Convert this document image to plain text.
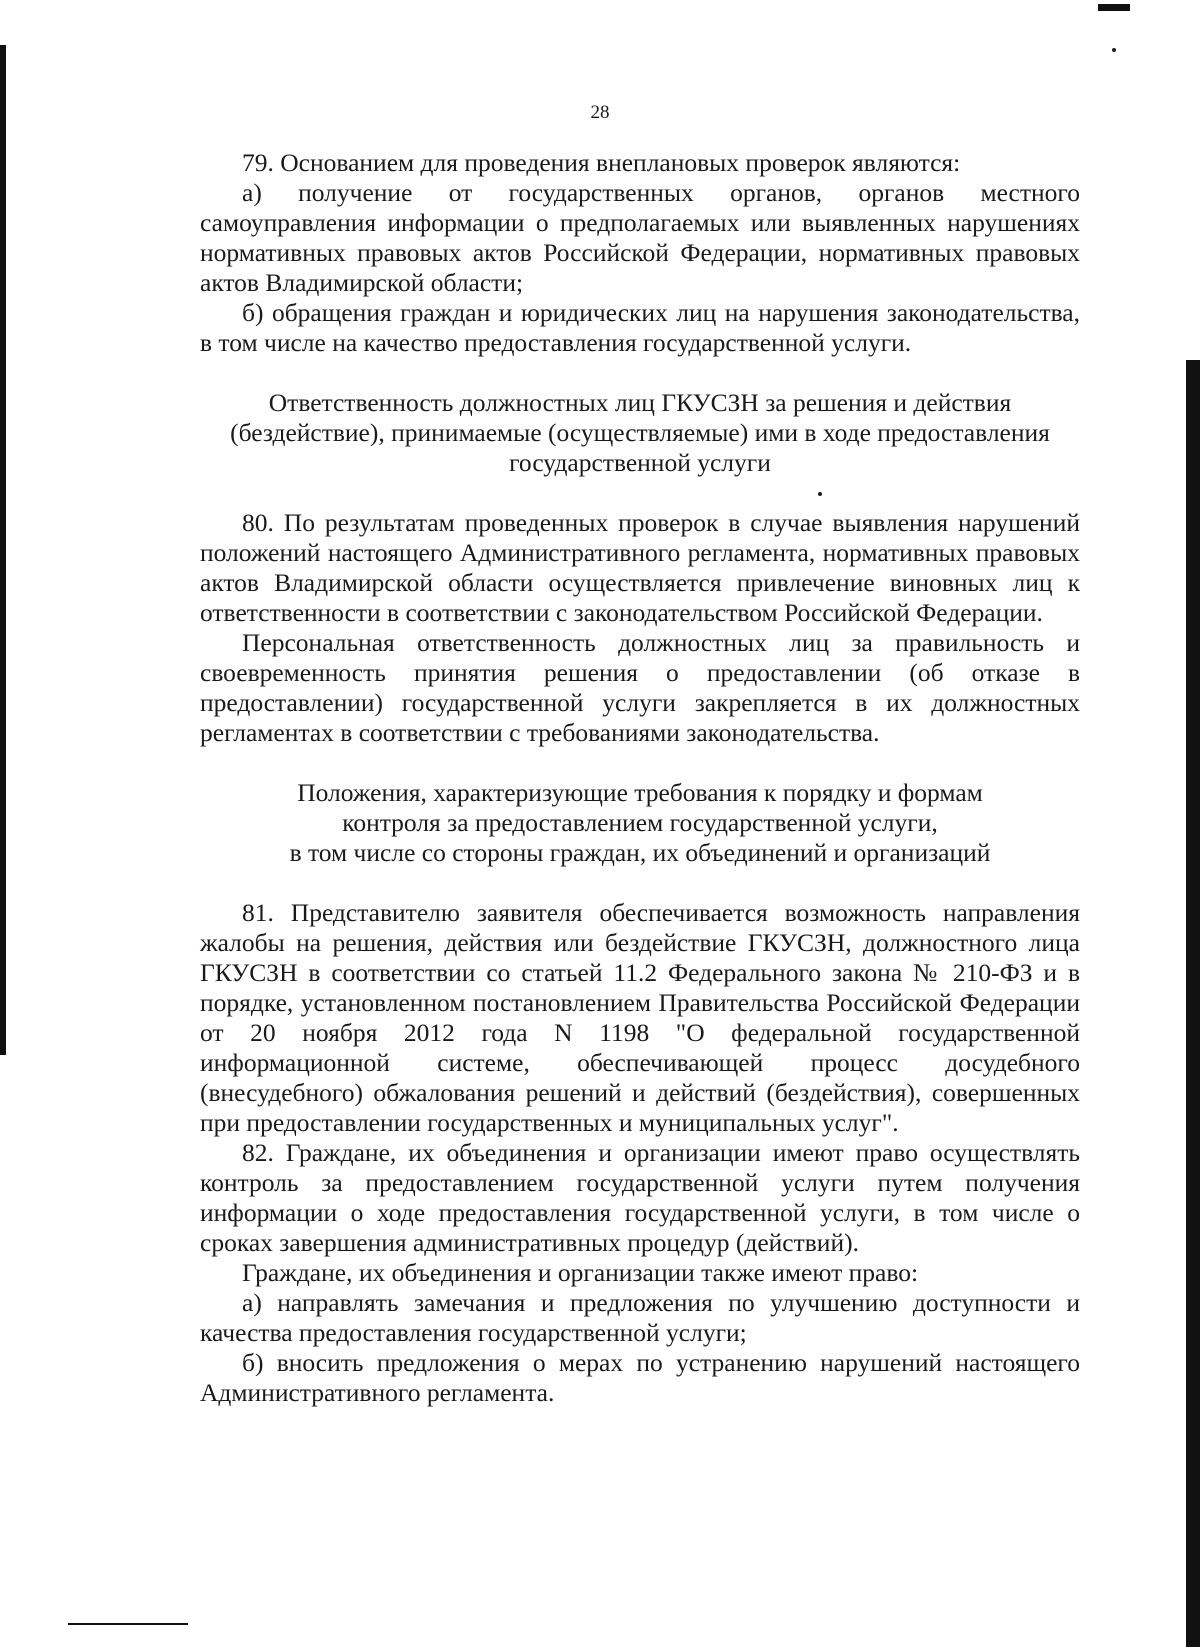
28

79. Основанием для проведения внеплановых проверок являются:

а) получение от государственных органов, органов местного самоуправления информации о предполагаемых или выявленных нарушениях нормативных правовых актов Российской Федерации, нормативных правовых актов Владимирской области;

б) обращения граждан и юридических лиц на нарушения законодательства, в том числе на качество предоставления государственной услуги.

Ответственность должностных лиц ГКУСЗН за решения и действия

(бездействие), принимаемые (осуществляемые) ими в ходе предоставления

государственной услуги

80. По результатам проведенных проверок в случае выявления нарушений положений настоящего Административного регламента, нормативных правовых актов Владимирской области осуществляется привлечение виновных лиц к ответственности в соответствии с законодательством Российской Федерации.

Персональная ответственность должностных лиц за правильность и своевременность принятия решения о предоставлении (об отказе в предоставлении) государственной услуги закрепляется в их должностных регламентах в соответствии с требованиями законодательства.

Положения, характеризующие требования к порядку и формам

контроля за предоставлением государственной услуги,

в том числе со стороны граждан, их объединений и организаций

81. Представителю заявителя обеспечивается возможность направления жалобы на решения, действия или бездействие ГКУСЗН, должностного лица ГКУСЗН в соответствии со статьей 11.2 Федерального закона № 210-ФЗ и в порядке, установленном постановлением Правительства Российской Федерации от 20 ноября 2012 года N 1198 "О федеральной государственной информационной системе, обеспечивающей процесс досудебного (внесудебного) обжалования решений и действий (бездействия), совершенных при предоставлении государственных и муниципальных услуг".

82. Граждане, их объединения и организации имеют право осуществлять контроль за предоставлением государственной услуги путем получения информации о ходе предоставления государственной услуги, в том числе о сроках завершения административных процедур (действий).

Граждане, их объединения и организации также имеют право:

а) направлять замечания и предложения по улучшению доступности и качества предоставления государственной услуги;

б) вносить предложения о мерах по устранению нарушений настоящего Административного регламента.
